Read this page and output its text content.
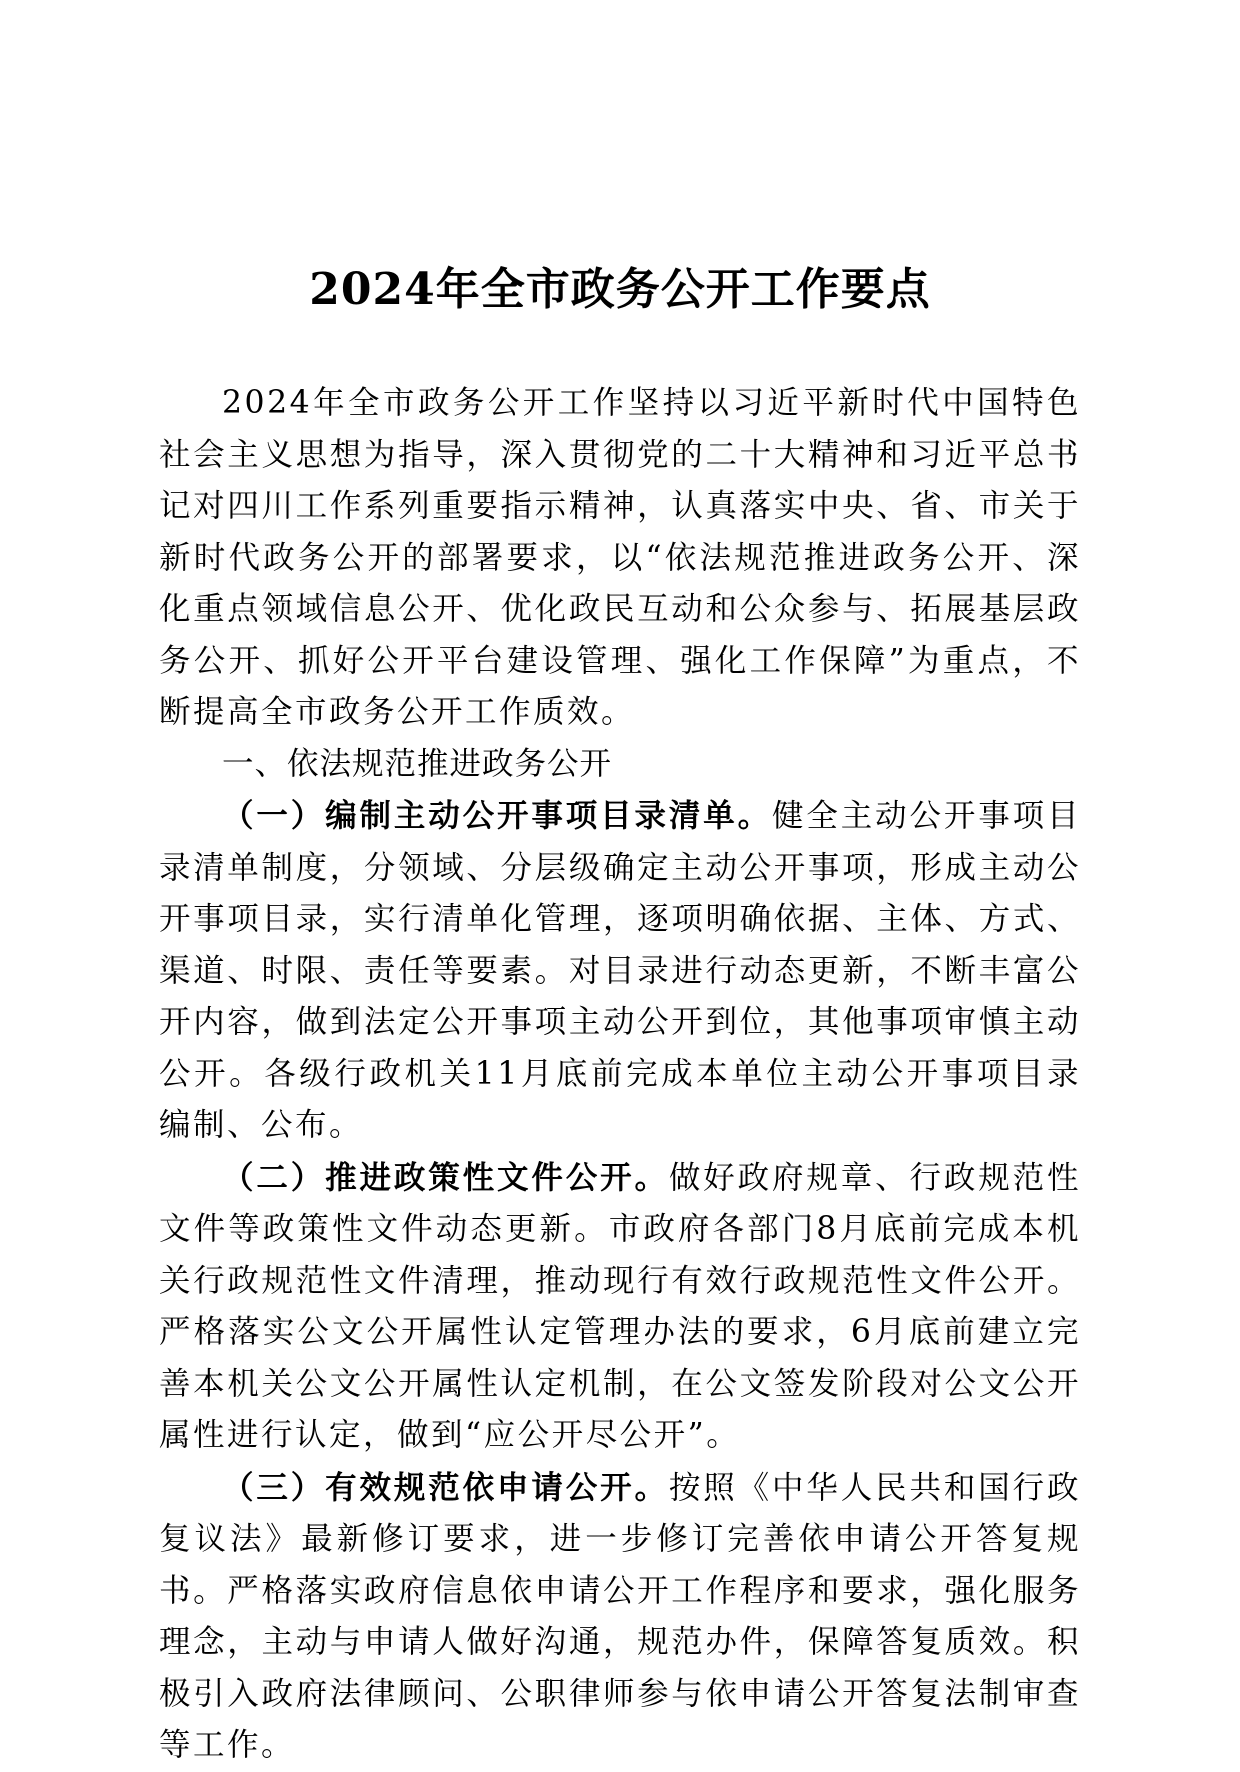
2024年全市政务公开工作要点

2024年全市政务公开工作坚持以习近平新时代中国特色社会主义思想为指导，深入贯彻党的二十大精神和习近平总书记对四川工作系列重要指示精神，认真落实中央、省、市关于新时代政务公开的部署要求，以“依法规范推进政务公开、深化重点领域信息公开、优化政民互动和公众参与、拓展基层政务公开、抓好公开平台建设管理、强化工作保障”为重点，不断提高全市政务公开工作质效。

一、依法规范推进政务公开

（一）编制主动公开事项目录清单。健全主动公开事项目录清单制度，分领域、分层级确定主动公开事项，形成主动公开事项目录，实行清单化管理，逐项明确依据、主体、方式、渠道、时限、责任等要素。对目录进行动态更新，不断丰富公开内容，做到法定公开事项主动公开到位，其他事项审慎主动公开。各级行政机关11月底前完成本单位主动公开事项目录编制、公布。

（二）推进政策性文件公开。做好政府规章、行政规范性文件等政策性文件动态更新。市政府各部门8月底前完成本机关行政规范性文件清理，推动现行有效行政规范性文件公开。严格落实公文公开属性认定管理办法的要求，6月底前建立完善本机关公文公开属性认定机制，在公文签发阶段对公文公开属性进行认定，做到“应公开尽公开”。

（三）有效规范依申请公开。按照《中华人民共和国行政复议法》最新修订要求，进一步修订完善依申请公开答复规书。严格落实政府信息依申请公开工作程序和要求，强化服务理念，主动与申请人做好沟通，规范办件，保障答复质效。积极引入政府法律顾问、公职律师参与依申请公开答复法制审查等工作。
